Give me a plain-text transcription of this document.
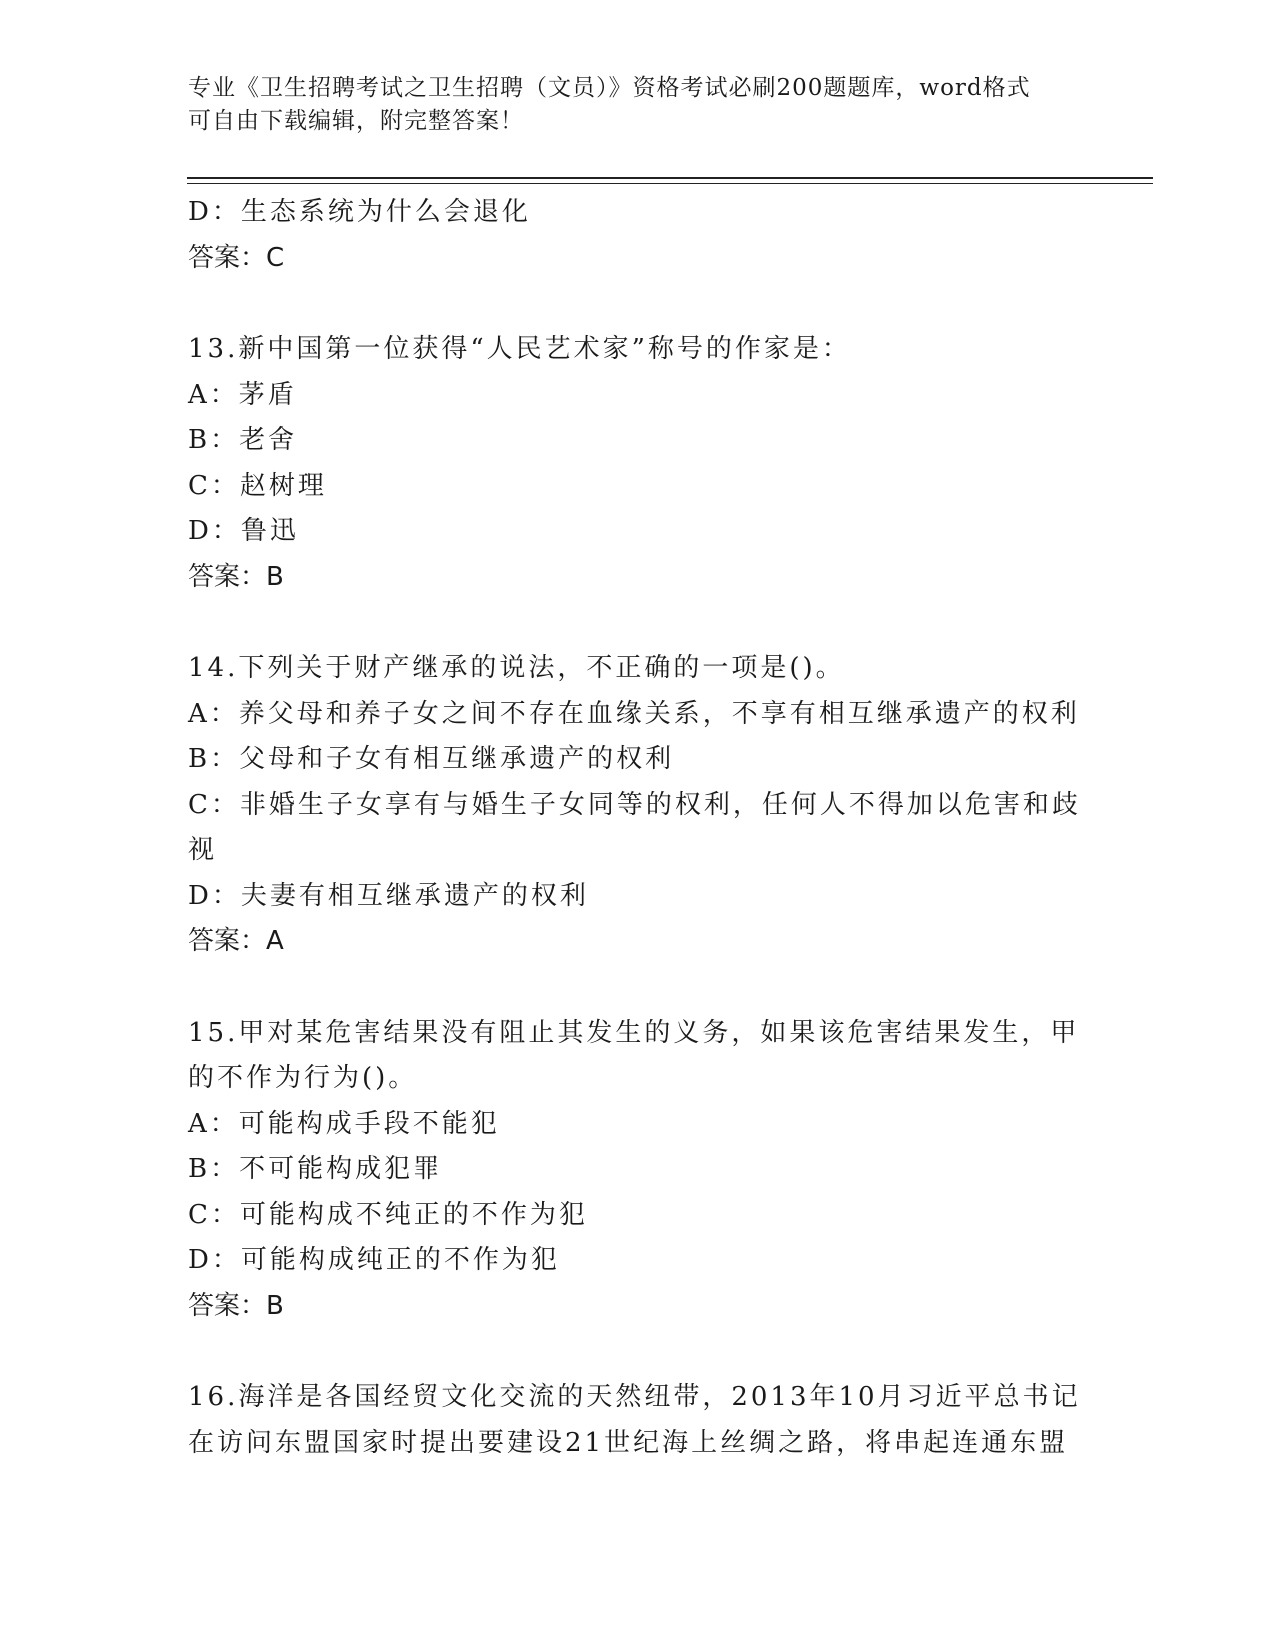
专业《卫生招聘考试之卫生招聘（文员）》资格考试必刷200题题库，word格式
可自由下载编辑，附完整答案！
D：生态系统为什么会退化
答案：C
13.新中国第一位获得“人民艺术家”称号的作家是：
A：茅盾
B：老舍
C：赵树理
D：鲁迅
答案：B
14.下列关于财产继承的说法，不正确的一项是()。
A：养父母和养子女之间不存在血缘关系，不享有相互继承遗产的权利
B：父母和子女有相互继承遗产的权利
C：非婚生子女享有与婚生子女同等的权利，任何人不得加以危害和歧
视
D：夫妻有相互继承遗产的权利
答案：A
15.甲对某危害结果没有阻止其发生的义务，如果该危害结果发生，甲
的不作为行为()。
A：可能构成手段不能犯
B：不可能构成犯罪
C：可能构成不纯正的不作为犯
D：可能构成纯正的不作为犯
答案：B
16.海洋是各国经贸文化交流的天然纽带，2013年10月习近平总书记
在访问东盟国家时提出要建设21世纪海上丝绸之路，将串起连通东盟
